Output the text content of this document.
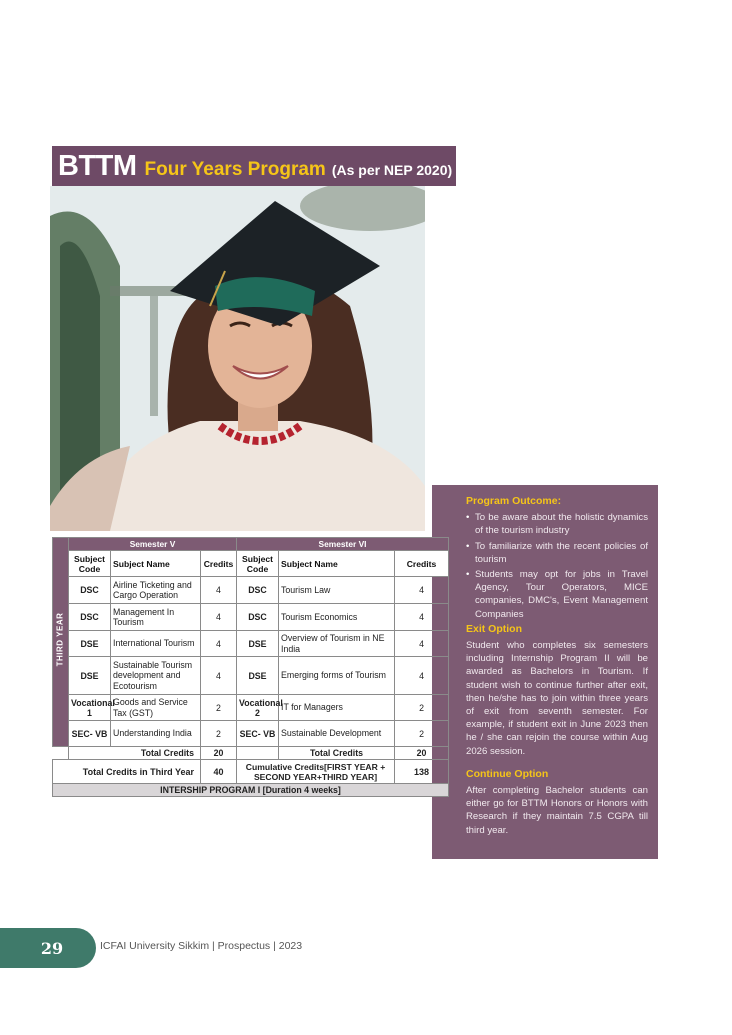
BTTM Four Years Program (As per NEP 2020)
Program Outcome:
• To be aware about the holistic dynamics of the tourism industry
• To familiarize with the recent policies of tourism
• Students may opt for jobs in Travel Agency, Tour Operators, MICE companies, DMC's, Event Management Companies
Exit Option

Student who completes six semesters including Internship Program II will be awarded as Bachelors in Tourism. If student wish to continue further after exit, then he/she has to join within three years of exit from seventh semester. For example, if student exit in June 2023 then he / she can rejoin the course within Aug 2026 session.

Continue Option

After completing Bachelor students can either go for BTTM Honors or Honors with Research if they maintain 7.5 CGPA till third year.

	Semester V			Semester VI		
	Subject Code	Subject Name	Credits	Subject Code	Subject Name	Credits
	DSC	Airline Ticketing and Cargo Operation	4	DSC	Tourism Law	4
	DSC	Management In Tourism	4	DSC	Tourism Economics	4
	DSE	International Tourism	4	DSE	Overview of Tourism in NE India	4
	DSE	Sustainable Tourism development and Ecotourism	4	DSE	Emerging forms of Tourism	4
	Vocational 1	Goods and Service Tax (GST)	2	Vocational 2	IT for Managers	2
	SEC- VB	Understanding India	2	SEC- VB	Sustainable Development	2
	Total Credits		20		Total Credits	20
Total Credits in Third Year			40	Cumulative Credits[FIRST YEAR + SECOND YEAR+THIRD YEAR]		138
INTERSHIP PROGRAM I [Duration 4 weeks]						
THIRD YEAR
29	ICFAI University Sikkim | Prospectus | 2023
